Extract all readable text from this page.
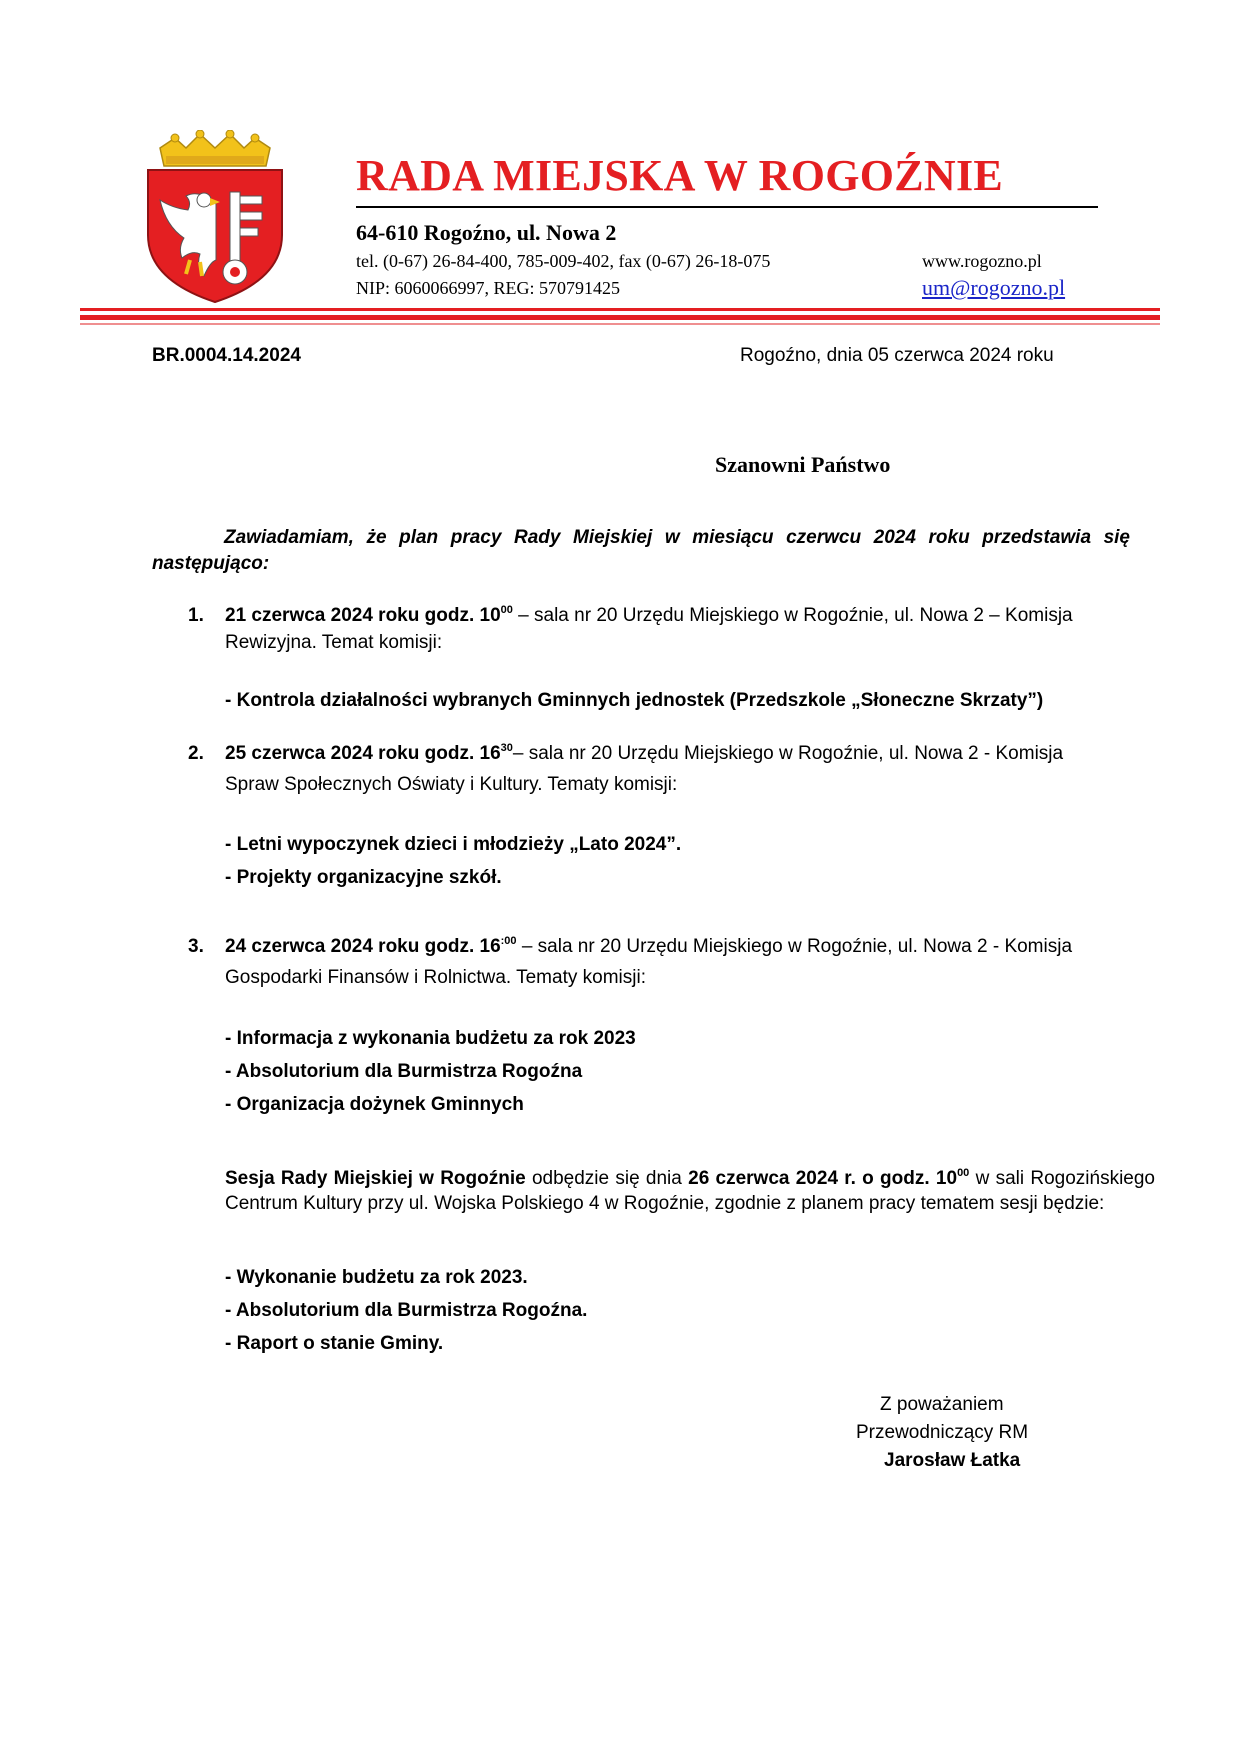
RADA MIEJSKA W ROGOŹNIE
64-610 Rogoźno, ul. Nowa 2
tel. (0-67) 26-84-400, 785-009-402, fax (0-67) 26-18-075
NIP: 6060066997, REG: 570791425
www.rogozno.pl
um@rogozno.pl
BR.0004.14.2024	Rogoźno, dnia 05 czerwca 2024 roku
Szanowni Państwo
Zawiadamiam, że plan pracy Rady Miejskiej w miesiącu czerwcu 2024 roku przedstawia się następująco:
1. 21 czerwca 2024 roku godz. $10^{00}$ – sala nr 20 Urzędu Miejskiego w Rogoźnie, ul. Nowa 2 – Komisja
Rewizyjna. Temat komisji:
- Kontrola działalności wybranych Gminnych jednostek (Przedszkole „Słoneczne Skrzaty”)
2. 25 czerwca 2024 roku godz. $16^{30}-$ sala nr 20 Urzędu Miejskiego w Rogoźnie, ul. Nowa 2 - Komisja
Spraw Społecznych Oświaty i Kultury. Tematy komisji:
- Letni wypoczynek dzieci i młodzieży „Lato 2024”.
- Projekty organizacyjne szkół.
3. 24 czerwca 2024 roku godz. $16^{:00}$ – sala nr 20 Urzędu Miejskiego w Rogoźnie, ul. Nowa 2 - Komisja
Gospodarki Finansów i Rolnictwa. Tematy komisji:
- Informacja z wykonania budżetu za rok 2023
- Absolutorium dla Burmistrza Rogoźna
- Organizacja dożynek Gminnych
Sesja Rady Miejskiej w Rogoźnie odbędzie się dnia 26 czerwca 2024 r. o godz. $10^{00}$ w sali Rogozińskiego Centrum Kultury przy ul. Wojska Polskiego 4 w Rogoźnie, zgodnie z planem pracy tematem sesji będzie:
- Wykonanie budżetu za rok 2023.
- Absolutorium dla Burmistrza Rogoźna.
- Raport o stanie Gminy.
Z poważaniem
Przewodniczący RM
Jarosław Łatka
